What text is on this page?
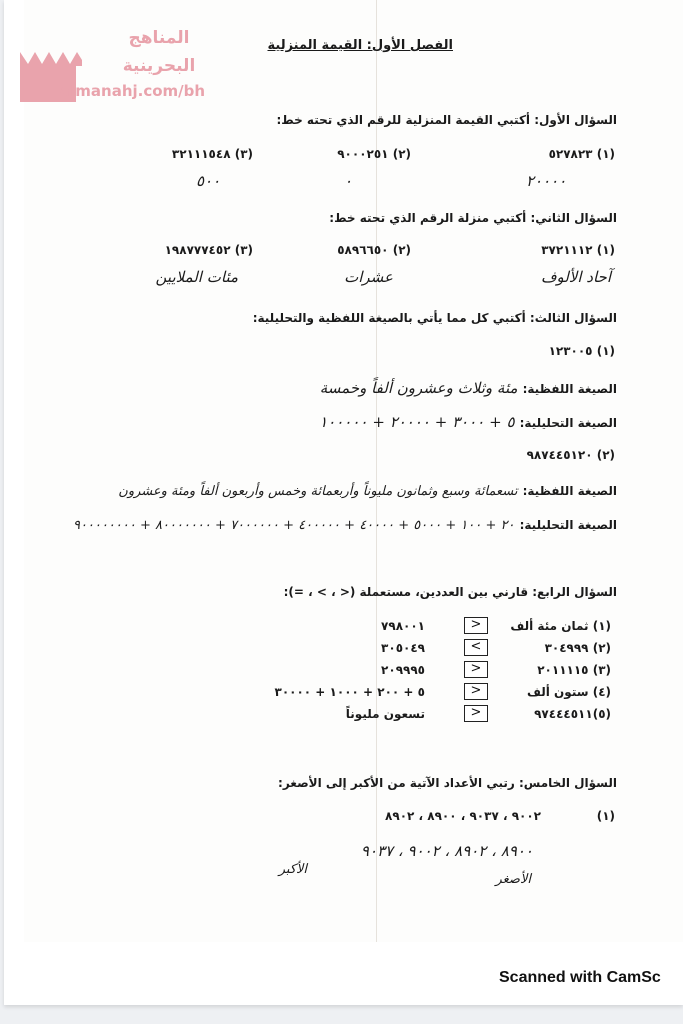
المناهج
البحرينية
almanahj.com/bh
الفصل الأول: القيمة المنزلية
السؤال الأول: أكتبي القيمة المنزلية للرقم الذي تحته خط:
(١) ٥٢٧٨٢٣
٢٠٠٠٠
(٢) ٩٠٠٠٢٥١
٠
(٣) ٣٢١١١٥٤٨
٥٠٠
السؤال الثاني: أكتبي منزلة الرقم الذي تحته خط:
(١) ٣٧٢١١١٢
آحاد الألوف
(٢) ٥٨٩٦٦٥٠
عشرات
(٣) ١٩٨٧٧٧٤٥٢
مئات الملايين
السؤال الثالث: أكتبي كل مما يأتي بالصيغة اللفظية والتحليلية:
(١) ١٢٣٠٠٥
الصيغة اللفظية: مئة وثلاث وعشرون ألفاً وخمسة
الصيغة التحليلية: ٥ + ٣٠٠٠ + ٢٠٠٠٠ + ١٠٠٠٠٠
(٢) ٩٨٧٤٤٥١٢٠
الصيغة اللفظية: تسعمائة وسبع وثمانون مليوناً وأربعمائة وخمس وأربعون ألفاً ومئة وعشرون
الصيغة التحليلية: ٢٠ + ١٠٠ + ٥٠٠٠ + ٤٠٠٠٠ + ٤٠٠٠٠٠ + ٧٠٠٠٠٠٠ + ٨٠٠٠٠٠٠٠ + ٩٠٠٠٠٠٠٠٠
السؤال الرابع: قارني بين العددين، مستعملة (< ، > ، =):
(١) ثمان مئة ألف
>
٧٩٨٠٠١
(٢) ٣٠٤٩٩٩
<
٣٠٥٠٤٩
(٣) ٢٠١١١١٥
>
٢٠٩٩٩٥
(٤) ستون ألف
>
٥ + ٢٠٠ + ١٠٠٠ + ٣٠٠٠٠
(٥)٩٧٤٤٤٥١١
>
تسعون مليوناً
السؤال الخامس: رتبي الأعداد الآتية من الأكبر إلى الأصغر:
(١)
٩٠٠٢ ، ٩٠٣٧ ، ٨٩٠٠ ، ٨٩٠٢
٨٩٠٠ ، ٨٩٠٢ ، ٩٠٠٢ ، ٩٠٣٧
الأصغر
الأكبر
Scanned with CamSc
